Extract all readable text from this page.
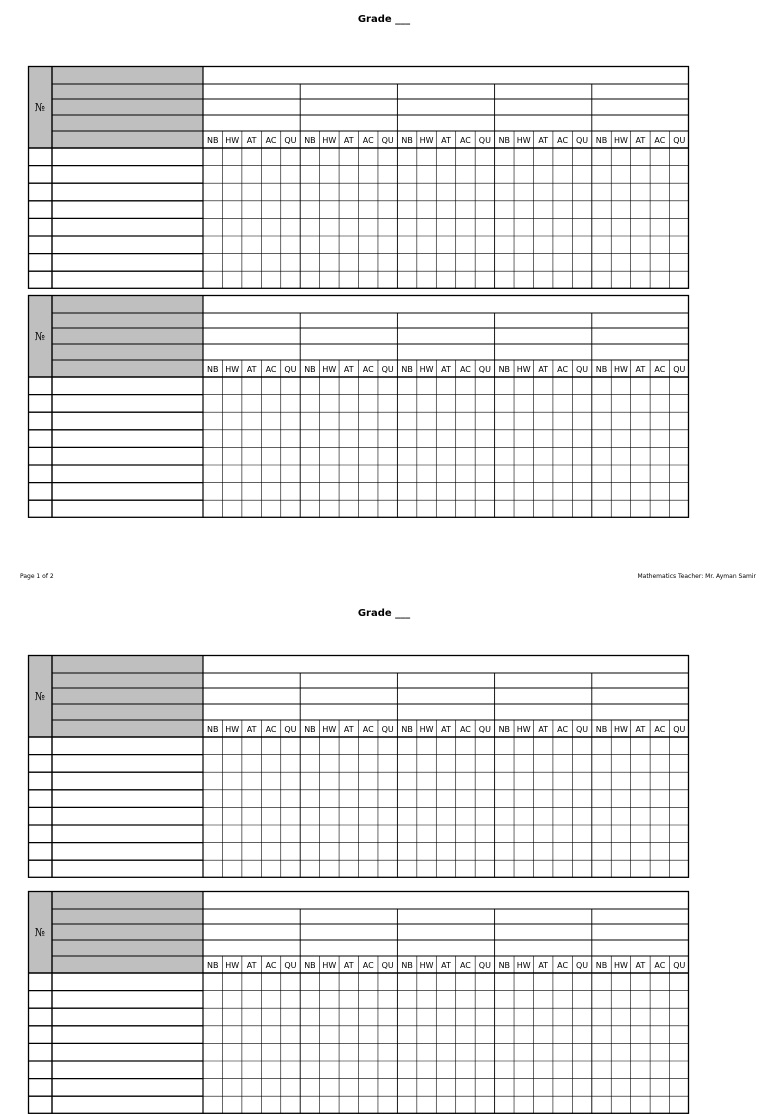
Grade ___
№
NB HW AT AC QU NB HW AT AC QU NB HW AT AC QU NB HW AT AC QU NB HW AT AC QU
№
NB HW AT AC QU NB HW AT AC QU NB HW AT AC QU NB HW AT AC QU NB HW AT AC QU
Page 1 of 2	Mathematics Teacher: Mr. Ayman Samir
Grade ___
№
NB HW AT AC QU NB HW AT AC QU NB HW AT AC QU NB HW AT AC QU NB HW AT AC QU
№
NB HW AT AC QU NB HW AT AC QU NB HW AT AC QU NB HW AT AC QU NB HW AT AC QU
